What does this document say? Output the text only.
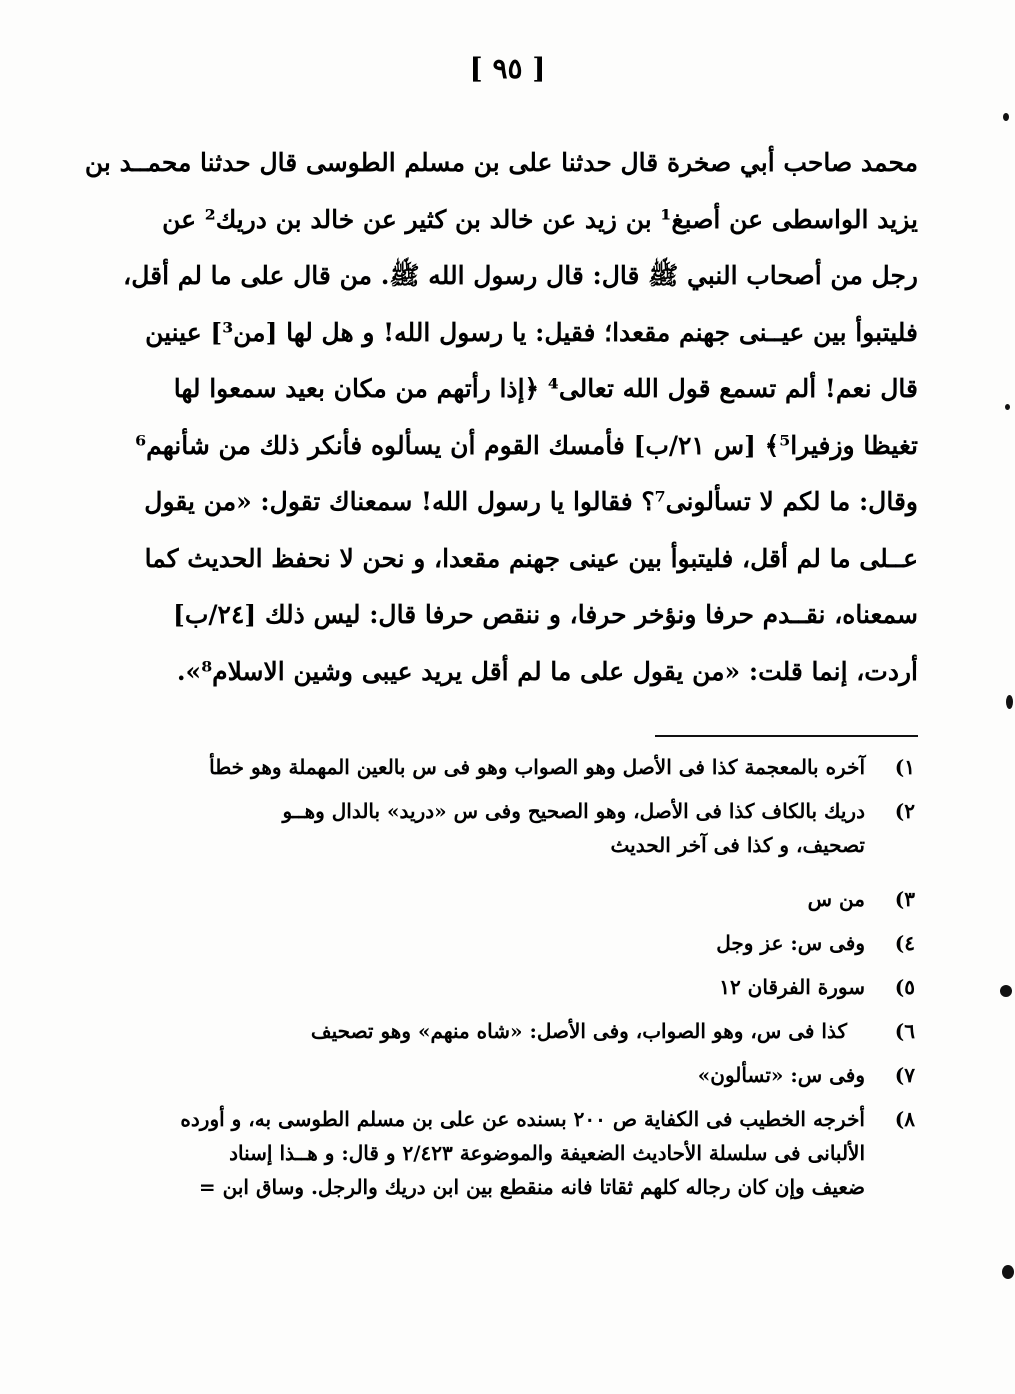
[ ٩٥ ]
محمد صاحب أبي صخرة قال حدثنا على بن مسلم الطوسى قال حدثنا محمــد بن
يزيد الواسطى عن أصبغ¹ بن زيد عن خالد بن كثير عن خالد بن دريك² عن
رجل من أصحاب النبي ﷺ قال: قال رسول الله ﷺ. من قال على ما لم أقل،
فليتبوأ بين عيــنى جهنم مقعدا؛ فقيل: يا رسول الله! و هل لها [من³] عينين
قال نعم! ألم تسمع قول الله تعالى⁴ ﴿إذا رأتهم من مكان بعيد سمعوا لها
تغيظا وزفيرا⁵﴾ [س ٢١/ب] فأمسك القوم أن يسألوه فأنكر ذلك من شأنهم⁶
وقال: ما لكم لا تسألونى⁷؟ فقالوا يا رسول الله! سمعناك تقول: «من يقول
عــلى ما لم أقل، فليتبوأ بين عينى جهنم مقعدا، و نحن لا نحفظ الحديث كما
سمعناه، نقــدم حرفا ونؤخر حرفا، و ننقص حرفا قال: ليس ذلك [٢٤/ب]
أردت، إنما قلت: «من يقول على ما لم أقل يريد عيبى وشين الاسلام⁸».
١)
آخره بالمعجمة كذا فى الأصل وهو الصواب وهو فى س بالعين المهملة وهو خطأ
٢)
دريك بالكاف كذا فى الأصل، وهو الصحيح وفى س «دريد» بالدال وهــو
تصحيف، و كذا فى آخر الحديث
٣)
من س
٤)
وفى س: عز وجل
٥)
سورة الفرقان ١٢
٦)
كذا فى س، وهو الصواب، وفى الأصل: «شاه منهم» وهو تصحيف
٧)
وفى س: «تسألون»
٨)
أخرجه الخطيب فى الكفاية ص ٢٠٠ بسنده عن على بن مسلم الطوسى به، و أورده
الألبانى فى سلسلة الأحاديث الضعيفة والموضوعة ٢/٤٢٣ و قال: و هــذا إسناد
ضعيف وإن كان رجاله كلهم ثقاتا فانه منقطع بين ابن دريك والرجل. وساق ابن =
